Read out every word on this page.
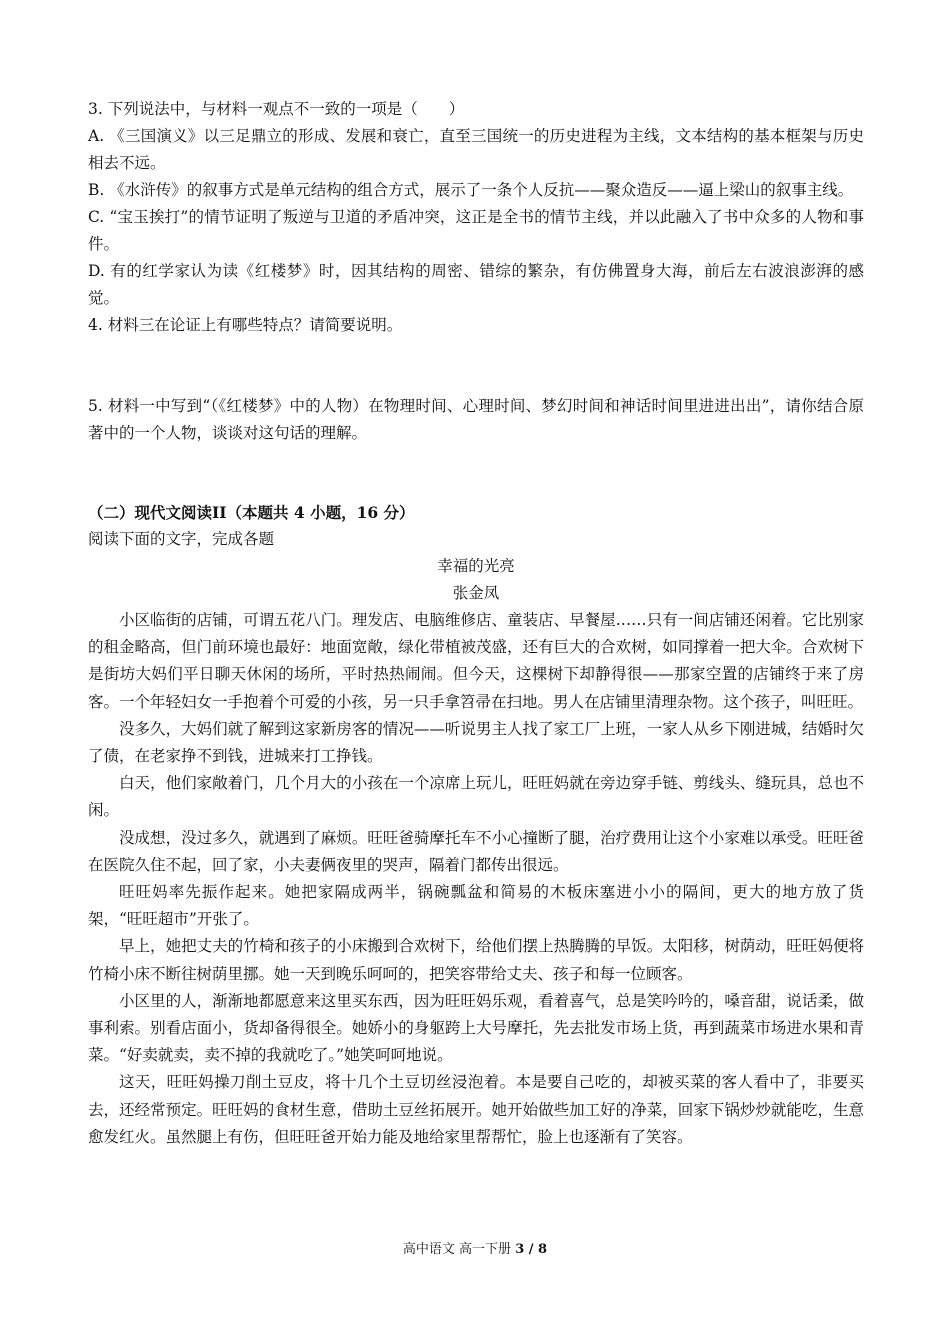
3. 下列说法中，与材料一观点不一致的一项是（　　）

A. 《三国演义》以三足鼎立的形成、发展和衰亡，直至三国统一的历史进程为主线，文本结构的基本框架与历史相去不远。

B. 《水浒传》的叙事方式是单元结构的组合方式，展示了一条个人反抗——聚众造反——逼上梁山的叙事主线。

C. “宝玉挨打”的情节证明了叛逆与卫道的矛盾冲突，这正是全书的情节主线，并以此融入了书中众多的人物和事件。

D. 有的红学家认为读《红楼梦》时，因其结构的周密、错综的繁杂，有仿佛置身大海，前后左右波浪澎湃的感觉。

4. 材料三在论证上有哪些特点？请简要说明。

5. 材料一中写到“（《红楼梦》中的人物）在物理时间、心理时间、梦幻时间和神话时间里进进出出”，请你结合原著中的一个人物，谈谈对这句话的理解。

（二）现代文阅读II（本题共 4 小题，16 分）

阅读下面的文字，完成各题

幸福的光亮

张金凤

小区临街的店铺，可谓五花八门。理发店、电脑维修店、童装店、早餐屋……只有一间店铺还闲着。它比别家的租金略高，但门前环境也最好：地面宽敞，绿化带植被茂盛，还有巨大的合欢树，如同撑着一把大伞。合欢树下是街坊大妈们平日聊天休闲的场所，平时热热闹闹。但今天，这棵树下却静得很——那家空置的店铺终于来了房客。一个年轻妇女一手抱着个可爱的小孩，另一只手拿笤帚在扫地。男人在店铺里清理杂物。这个孩子，叫旺旺。

没多久，大妈们就了解到这家新房客的情况——听说男主人找了家工厂上班，一家人从乡下刚进城，结婚时欠了债，在老家挣不到钱，进城来打工挣钱。

白天，他们家敞着门，几个月大的小孩在一个凉席上玩儿，旺旺妈就在旁边穿手链、剪线头、缝玩具，总也不闲。

没成想，没过多久，就遇到了麻烦。旺旺爸骑摩托车不小心撞断了腿，治疗费用让这个小家难以承受。旺旺爸在医院久住不起，回了家，小夫妻俩夜里的哭声，隔着门都传出很远。

旺旺妈率先振作起来。她把家隔成两半，锅碗瓢盆和简易的木板床塞进小小的隔间，更大的地方放了货架，“旺旺超市”开张了。

早上，她把丈夫的竹椅和孩子的小床搬到合欢树下，给他们摆上热腾腾的早饭。太阳移，树荫动，旺旺妈便将竹椅小床不断往树荫里挪。她一天到晚乐呵呵的，把笑容带给丈夫、孩子和每一位顾客。

小区里的人，渐渐地都愿意来这里买东西，因为旺旺妈乐观，看着喜气，总是笑吟吟的，嗓音甜，说话柔，做事利索。别看店面小，货却备得很全。她娇小的身躯跨上大号摩托，先去批发市场上货，再到蔬菜市场进水果和青菜。“好卖就卖，卖不掉的我就吃了。”她笑呵呵地说。

这天，旺旺妈操刀削土豆皮，将十几个土豆切丝浸泡着。本是要自己吃的，却被买菜的客人看中了，非要买去，还经常预定。旺旺妈的食材生意，借助土豆丝拓展开。她开始做些加工好的净菜，回家下锅炒炒就能吃，生意愈发红火。虽然腿上有伤，但旺旺爸开始力能及地给家里帮帮忙，脸上也逐渐有了笑容。

高中语文 高一下册 3 / 8
